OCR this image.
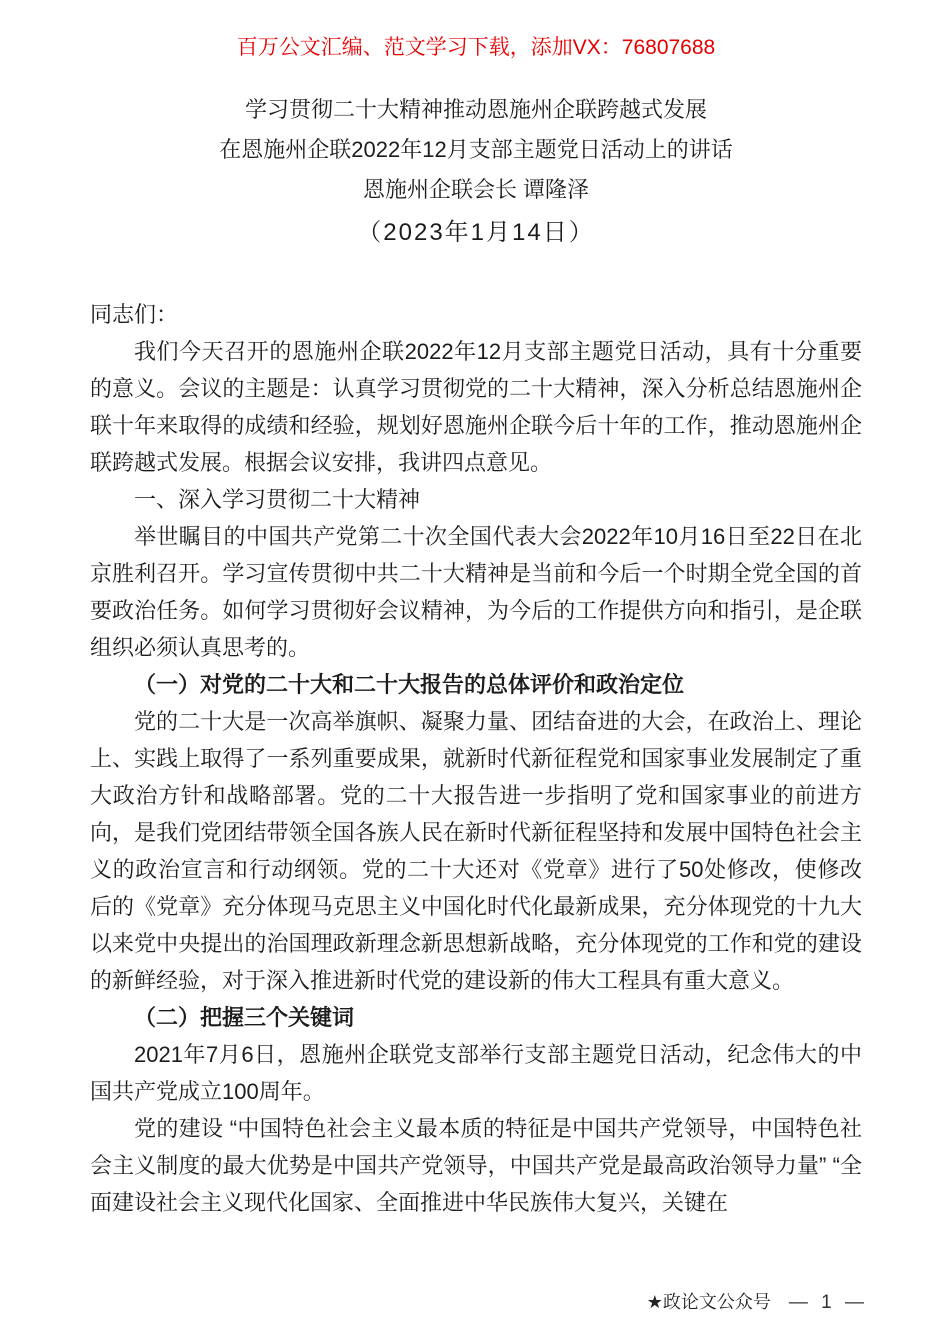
百万公文汇编、范文学习下载，添加VX：76807688
学习贯彻二十大精神推动恩施州企联跨越式发展
在恩施州企联2022年12月支部主题党日活动上的讲话
恩施州企联会长 谭隆泽
（2023年1月14日）

同志们：

我们今天召开的恩施州企联2022年12月支部主题党日活动，具有十分重要的意义。会议的主题是：认真学习贯彻党的二十大精神，深入分析总结恩施州企联十年来取得的成绩和经验，规划好恩施州企联今后十年的工作，推动恩施州企联跨越式发展。根据会议安排，我讲四点意见。

一、深入学习贯彻二十大精神

举世瞩目的中国共产党第二十次全国代表大会2022年10月16日至22日在北京胜利召开。学习宣传贯彻中共二十大精神是当前和今后一个时期全党全国的首要政治任务。如何学习贯彻好会议精神，为今后的工作提供方向和指引，是企联组织必须认真思考的。

（一）对党的二十大和二十大报告的总体评价和政治定位

党的二十大是一次高举旗帜、凝聚力量、团结奋进的大会，在政治上、理论上、实践上取得了一系列重要成果，就新时代新征程党和国家事业发展制定了重大政治方针和战略部署。党的二十大报告进一步指明了党和国家事业的前进方向，是我们党团结带领全国各族人民在新时代新征程坚持和发展中国特色社会主义的政治宣言和行动纲领。党的二十大还对《党章》进行了50处修改，使修改后的《党章》充分体现马克思主义中国化时代化最新成果，充分体现党的十九大以来党中央提出的治国理政新理念新思想新战略，充分体现党的工作和党的建设的新鲜经验，对于深入推进新时代党的建设新的伟大工程具有重大意义。

（二）把握三个关键词

2021年7月6日，恩施州企联党支部举行支部主题党日活动，纪念伟大的中国共产党成立100周年。

党的建设 “中国特色社会主义最本质的特征是中国共产党领导，中国特色社会主义制度的最大优势是中国共产党领导，中国共产党是最高政治领导力量” “全面建设社会主义现代化国家、全面推进中华民族伟大复兴，关键在

★政论文公众号 — 1 —
